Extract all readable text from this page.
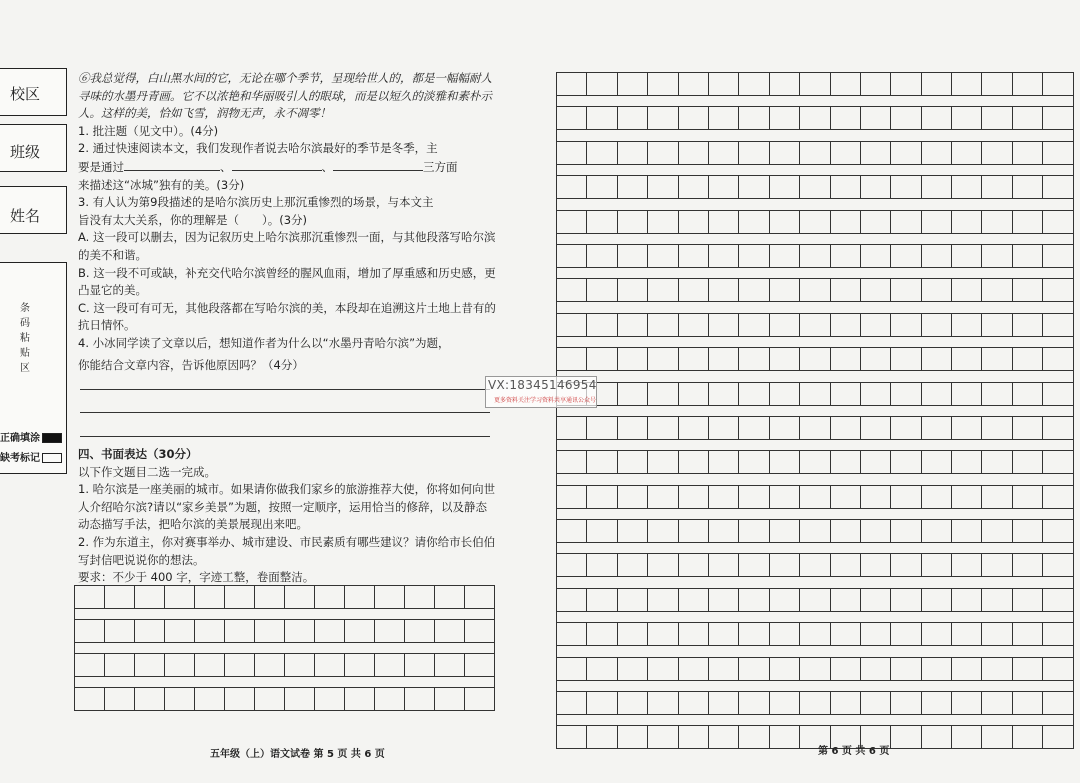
校区
班级
姓名
条码粘贴区
正确填涂
缺考标记

⑥我总觉得，白山黑水间的它，无论在哪个季节，呈现给世人的，都是一幅幅耐人寻味的水墨丹青画。它不以浓艳和华丽吸引人的眼球，而是以短久的淡雅和素朴示人。这样的美，恰如飞雪，润物无声，永不凋零！

1. 批注题（见文中）。(4分)

2. 通过快速阅读本文，我们发现作者说去哈尔滨最好的季节是冬季，主

要是通过	、	、	三方面

来描述这“冰城”独有的美。(3分)

3. 有人认为第9段描述的是哈尔滨历史上那沉重惨烈的场景，与本文主

旨没有太大关系，你的理解是（　　）。(3分)

A. 这一段可以删去，因为记叙历史上哈尔滨那沉重惨烈一面，与其他段落写哈尔滨的美不和谐。

B. 这一段不可或缺，补充交代哈尔滨曾经的腥风血雨，增加了厚重感和历史感，更凸显它的美。

C. 这一段可有可无，其他段落都在写哈尔滨的美，本段却在追溯这片土地上昔有的抗日情怀。

4. 小冰同学读了文章以后，想知道作者为什么以“水墨丹青哈尔滨”为题，

你能结合文章内容，告诉他原因吗？（4分）

四、书面表达（30分）

以下作文题目二选一完成。

1. 哈尔滨是一座美丽的城市。如果请你做我们家乡的旅游推荐大使，你将如何向世人介绍哈尔滨?请以“家乡美景”为题，按照一定顺序，运用恰当的修辞，以及静态动态描写手法，把哈尔滨的美景展现出来吧。

2. 作为东道主，你对赛事举办、城市建设、市民素质有哪些建议？请你给市长伯伯写封信吧说说你的想法。

要求：不少于 400 字，字迹工整，卷面整洁。

VX:18345146954
更多资料关注学习资料共享通讯公众号
五年级（上）语文试卷 第 5 页 共 6 页	第 6 页 共 6 页
